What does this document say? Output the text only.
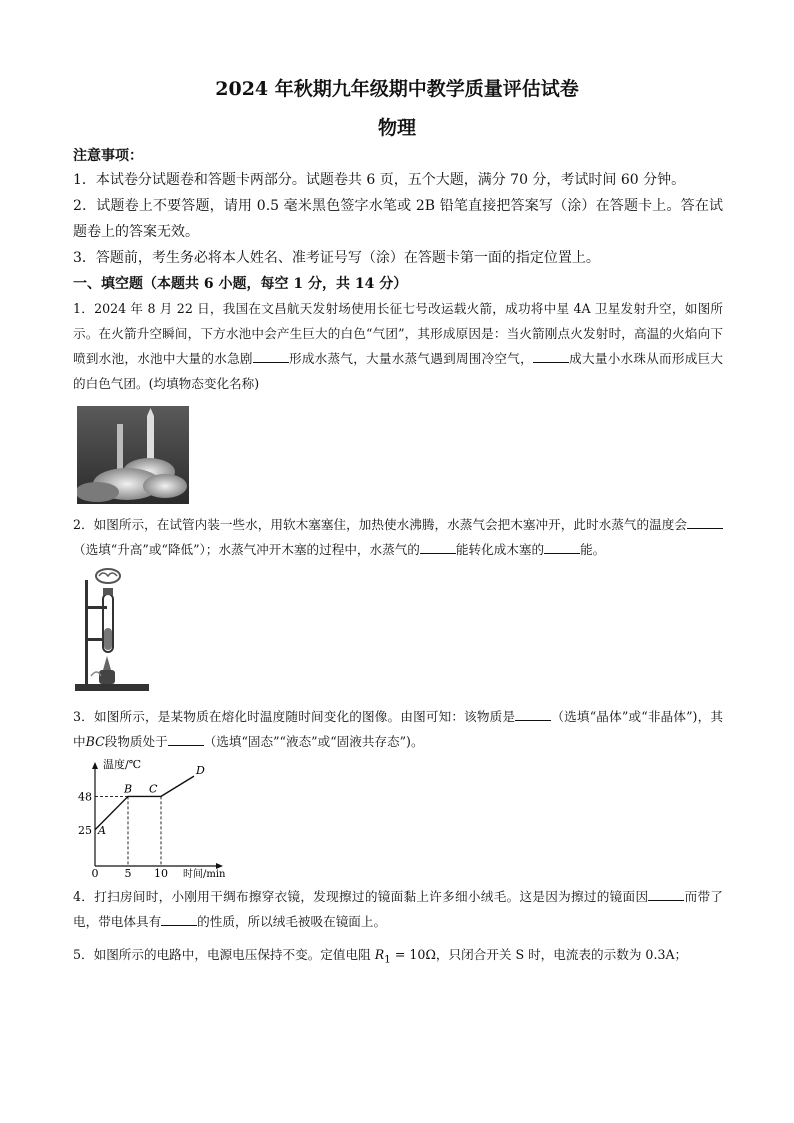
2024 年秋期九年级期中教学质量评估试卷
物理
注意事项：

1．本试卷分试题卷和答题卡两部分。试题卷共 6 页，五个大题，满分 70 分，考试时间 60 分钟。

2．试题卷上不要答题，请用 0.5 毫米黑色签字水笔或 2B 铅笔直接把答案写（涂）在答题卡上。答在试题卷上的答案无效。

3．答题前，考生务必将本人姓名、准考证号写（涂）在答题卡第一面的指定位置上。

一、填空题（本题共 6 小题，每空 1 分，共 14 分）

1．2024 年 8 月 22 日，我国在文昌航天发射场使用长征七号改运载火箭，成功将中星 4A 卫星发射升空，如图所示。在火箭升空瞬间，下方水池中会产生巨大的白色“气团”，其形成原因是：当火箭刚点火发射时，高温的火焰向下喷到水池，水池中大量的水急剧	形成水蒸气，大量水蒸气遇到周围冷空气，	成大量小水珠从而形成巨大的白色气团。(均填物态变化名称)

2．如图所示，在试管内装一些水，用软木塞塞住，加热使水沸腾，水蒸气会把木塞冲开，此时水蒸气的温度会（选填“升高”或“降低”）；水蒸气冲开木塞的过程中，水蒸气的	能转化成木塞的	能。

3．如图所示，是某物质在熔化时温度随时间变化的图像。由图可知：该物质是	（选填“晶体”或“非晶体”)，其中BC段物质处于	（选填“固态”“液态”或“固液共存态”)。

温度/℃
时间/min
48
25
0 5 10
A
B C
D

4．打扫房间时，小刚用干绸布擦穿衣镜，发现擦过的镜面黏上许多细小绒毛。这是因为擦过的镜面因	而带了电，带电体具有	的性质，所以绒毛被吸在镜面上。

5．如图所示的电路中，电源电压保持不变。定值电阻 $R_1 = 10\Omega$，只闭合开关 S 时，电流表的示数为 0.3A；
